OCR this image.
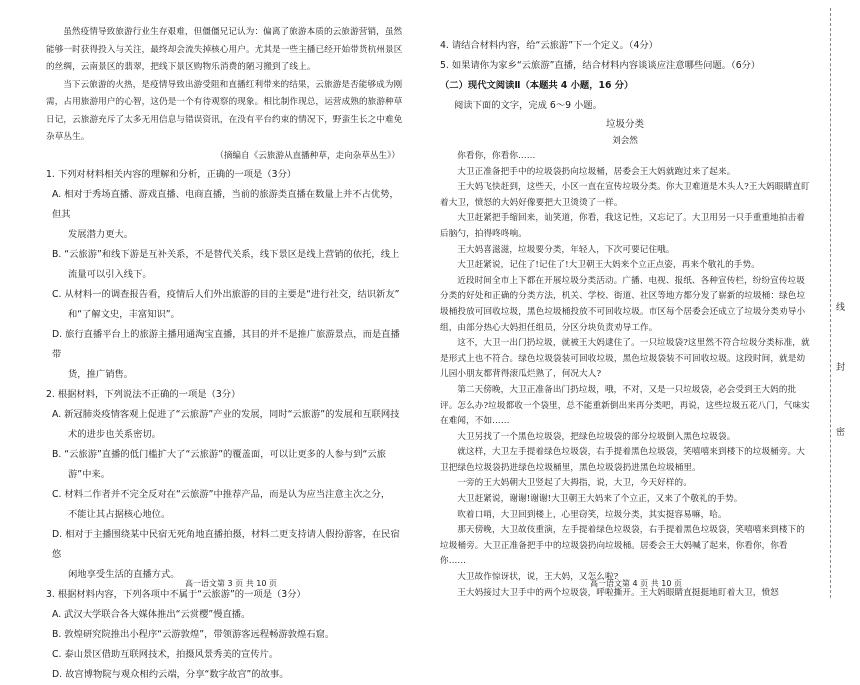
虽然疫情导致旅游行业生存艰难，但僵僵兄记认为：偏离了旅游本质的云旅游营销，虽然能够一时获得投入与关注，最终却会流失掉核心用户。尤其是一些主播已经开始带货杭州景区的丝绸，云南景区的翡翠，把线下景区购物乐消费的陋习搬到了线上。

当下云旅游的火热，是疫情导致出游受阻和直播红利带来的结果，云旅游是否能够成为刚需，占用旅游用户的心智，这仍是一个有待观察的现象。相比制作现总，运营成熟的旅游种草日记，云旅游充斥了太多无用信息与错误资讯，在没有平台约束的情况下，野蛮生长之中难免杂草丛生。

（摘编自《云旅游从直播种草，走向杂草丛生》）

1. 下列对材料相关内容的理解和分析，正确的一项是（3分）

A. 相对于秀场直播、游戏直播、电商直播，当前的旅游类直播在数量上并不占优势，但其

发展潜力更大。

B. “云旅游”和线下游是互补关系，不是替代关系，线下景区是线上营销的依托，线上

流量可以引入线下。

C. 从材料一的调查报告看，疫情后人们外出旅游的目的主要是“进行社交，结识新友”

和“了解文史，丰富知识”。

D. 旅行直播平台上的旅游主播用通淘宝直播，其目的并不是推广旅游景点，而是直播带

货，推广销售。

2. 根据材料，下列说法不正确的一项是（3分）

A. 新冠肺炎疫情客观上促进了“云旅游”产业的发展，同时“云旅游”的发展和互联网技

术的进步也关系密切。

B. “云旅游”直播的低门槛扩大了“云旅游”的覆盖面，可以让更多的人参与到“云旅

游”中来。

C. 材料二作者并不完全反对在“云旅游”中推荐产品，而是认为应当注意主次之分，

不能让其占据核心地位。

D. 相对于主播围绕某中民宿无死角地直播拍摄，材料二更支持请人假扮游客，在民宿悠

闲地享受生活的直播方式。

3. 根据材料内容，下列各项中不属于“云旅游”的一项是（3分）

A. 武汉大学联合各大媒体推出“云赏樱”慢直播。

B. 敦煌研究院推出小程序“云游敦煌”，带领游客远程畅游敦煌石窟。

C. 泰山景区借助互联网技术，拍摄风景秀美的宣传片。

D. 故宫博物院与观众相约云端，分享“数字故宫”的故事。

高一语文第 3 页 共 10 页

4. 请结合材料内容，给“云旅游”下一个定义。（4分）

5. 如果请你为家乡“云旅游”直播，结合材料内容谈谈应注意哪些问题。（6分）

（二）现代文阅读Ⅱ（本题共 4 小题，16 分）

阅读下面的文字，完成 6～9 小题。

垃圾分类

刘会然

你看你，你看你……

大卫正准备把手中的垃圾袋扔向垃圾桶，居委会王大妈就跑过来了起来。

王大妈飞快赶到，这些天，小区一直在宣传垃圾分类。你大卫难道是木头人?王大妈眼睛直盯着大卫，愤怒的大妈好像要把大卫烫烫了一样。

大卫赶紧把手缩回来，讪笑道，你看，我这记性，又忘记了。大卫用另一只手重重地拍击着后脑勺，拍得咚咚响。

王大妈喜滋滋，垃圾要分类，年轻人，下次可要记住哦。

大卫赶紧说，记住了!记住了!大卫朝王大妈来个立正点姿，再来个敬礼的手势。

近段时间全市上下都在开展垃圾分类活动。广播、电视、报纸、各种宣传栏，纷纷宣传垃圾分类的好处和正确的分类方法，机关、学校、街道、社区等地方都分发了崭新的垃圾桶：绿色垃圾桶投放可回收垃圾，黑色垃圾桶投放不可回收垃圾。市区每个居委会还成立了垃圾分类劝导小组，由部分热心大妈担任组员，分区分块负责劝导工作。

这不，大卫一出门扔垃圾，就被王大妈逮住了。一只垃圾袋?这里然不符合垃圾分类标准，就是形式上也不符合。绿色垃圾袋装可回收垃圾，黑色垃圾袋装不可回收垃圾。这段时间，就是幼儿园小朋友都背得滚瓜烂熟了，何况大人?

第二天傍晚，大卫正准备出门扔垃圾，哦，不对，又是一只垃圾袋，必会受到王大妈的批评。怎么办?垃圾都收一个袋里，总不能重新倒出来再分类吧，再说，这些垃圾五花八门，气味实在难闻，不如……

大卫另找了一个黑色垃圾袋，把绿色垃圾袋的部分垃圾倒入黑色垃圾袋。

就这样，大卫左手提着绿色垃圾袋，右手提着黑色垃圾袋，笑嘻嘻来到楼下的垃圾桶旁。大卫把绿色垃圾袋扔进绿色垃圾桶里，黑色垃圾袋扔进黑色垃圾桶里。

一旁的王大妈朝大卫竖起了大拇指，说，大卫，今天好样的。

大卫赶紧说，谢谢!谢谢!大卫朝王大妈来了个立正，又来了个敬礼的手势。

吹着口哨，大卫回到楼上，心里窃笑，垃圾分类，其实挺容易嘛，哈。

那天傍晚，大卫故伎重演，左手提着绿色垃圾袋，右手提着黑色垃圾袋，笑嘻嘻来到楼下的垃圾桶旁。大卫正准备把手中的垃圾袋扔向垃圾桶。居委会王大妈喊了起来，你看你，你看你……

大卫故作惊讶状，说，王大妈，又怎么啦?

王大妈接过大卫手中的两个垃圾袋，呼啦撕开。王大妈眼睛直挺挺地盯着大卫，愤怒

高一语文第 4 页 共 10 页
线
封
密
